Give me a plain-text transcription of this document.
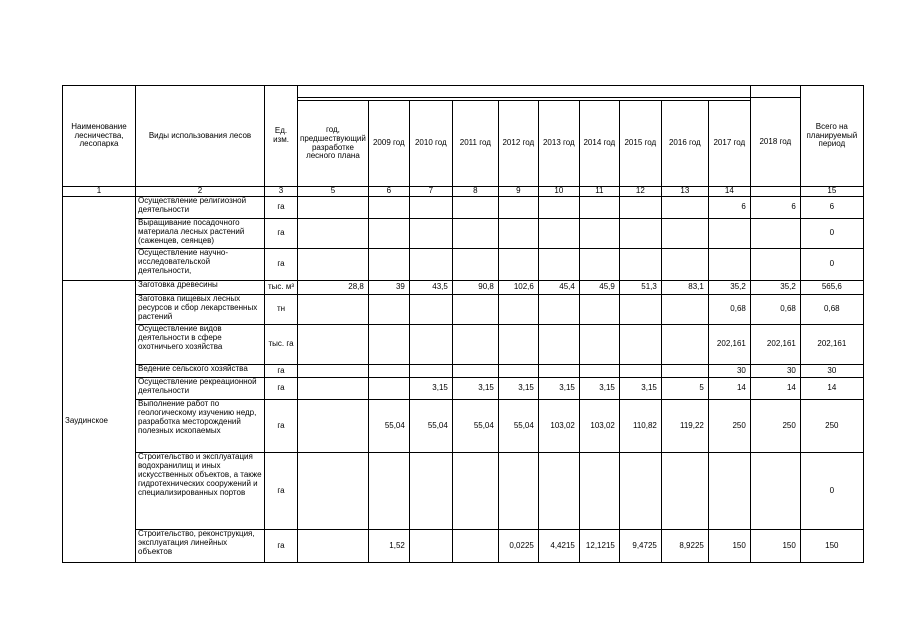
Наименование лесничества, лесопарка	Виды использования лесов	Ед. изм.												Всего на планируемый период
													2018 год	
			год, предшествующий разработке лесного плана	2009 год	2010 год	2011 год	2012 год	2013 год	2014 год	2015 год	2016 год	2017 год		
1	2	3	5	6	7	8	9	10	11	12	13	14		15
	Осуществление религиозной деятельности	га										6	6	6
	Выращивание посадочного материала лесных растений (саженцев, сеянцев)	га												0
	Осуществление научно-исследовательской деятельности,	га												0
Заудинское	Заготовка древесины	тыс. м³	28,8	39	43,5	90,8	102,6	45,4	45,9	51,3	83,1	35,2	35,2	565,6
	Заготовка пищевых лесных ресурсов и сбор лекарственных растений	тн										0,68	0,68	0,68
	Осуществление видов деятельности в сфере охотничьего хозяйства	тыс. га										202,161	202,161	202,161
	Ведение сельского хозяйства	га										30	30	30
	Осуществление рекреационной деятельности	га			3,15	3,15	3,15	3,15	3,15	3,15	5	14	14	14
	Выполнение работ по геологическому изучению недр, разработка месторождений полезных ископаемых	га		55,04	55,04	55,04	55,04	103,02	103,02	110,82	119,22	250	250	250
	Строительство и эксплуатация водохранилищ и иных искусственных объектов, а также гидротехнических сооружений и специализированных портов	га												0
	Строительство, реконструкция, эксплуатация линейных объектов	га		1,52			0,0225	4,4215	12,1215	9,4725	8,9225	150	150	150
